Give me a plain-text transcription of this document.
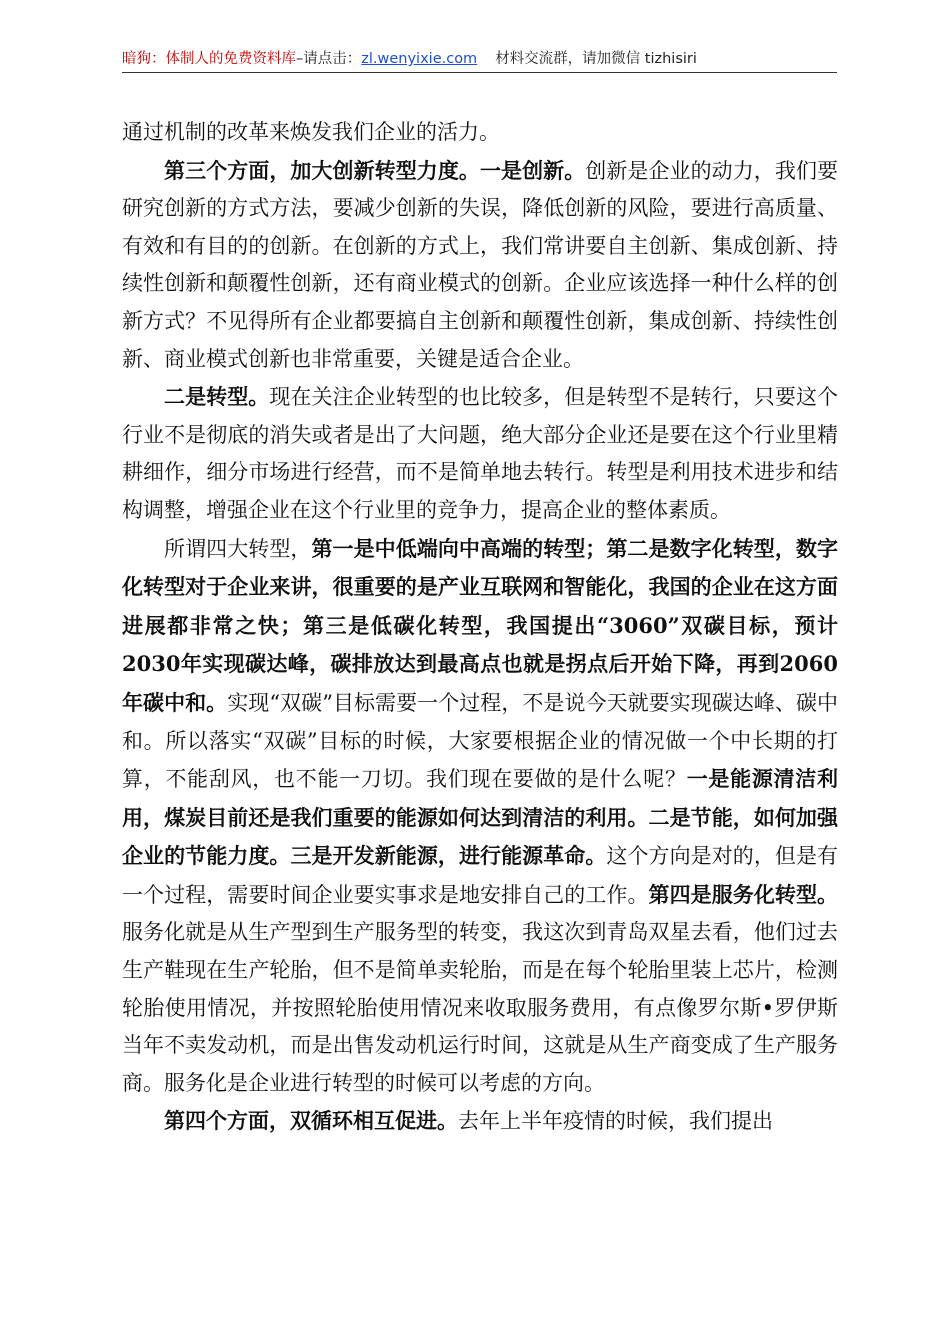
暗狗：体制人的免费资料库–请点击：zl.wenyixie.com 材料交流群，请加微信 tizhisiri

通过机制的改革来焕发我们企业的活力。

第三个方面，加大创新转型力度。一是创新。创新是企业的动力，我们要研究创新的方式方法，要减少创新的失误，降低创新的风险，要进行高质量、有效和有目的的创新。在创新的方式上，我们常讲要自主创新、集成创新、持续性创新和颠覆性创新，还有商业模式的创新。企业应该选择一种什么样的创新方式？不见得所有企业都要搞自主创新和颠覆性创新，集成创新、持续性创新、商业模式创新也非常重要，关键是适合企业。

二是转型。现在关注企业转型的也比较多，但是转型不是转行，只要这个行业不是彻底的消失或者是出了大问题，绝大部分企业还是要在这个行业里精耕细作，细分市场进行经营，而不是简单地去转行。转型是利用技术进步和结构调整，增强企业在这个行业里的竞争力，提高企业的整体素质。

所谓四大转型，第一是中低端向中高端的转型；第二是数字化转型，数字化转型对于企业来讲，很重要的是产业互联网和智能化，我国的企业在这方面进展都非常之快；第三是低碳化转型，我国提出“3060”双碳目标，预计2030年实现碳达峰，碳排放达到最高点也就是拐点后开始下降，再到2060年碳中和。实现“双碳”目标需要一个过程，不是说今天就要实现碳达峰、碳中和。所以落实“双碳”目标的时候，大家要根据企业的情况做一个中长期的打算，不能刮风，也不能一刀切。我们现在要做的是什么呢？一是能源清洁利用，煤炭目前还是我们重要的能源如何达到清洁的利用。二是节能，如何加强企业的节能力度。三是开发新能源，进行能源革命。这个方向是对的，但是有一个过程，需要时间企业要实事求是地安排自己的工作。第四是服务化转型。服务化就是从生产型到生产服务型的转变，我这次到青岛双星去看，他们过去生产鞋现在生产轮胎，但不是简单卖轮胎，而是在每个轮胎里装上芯片，检测轮胎使用情况，并按照轮胎使用情况来收取服务费用，有点像罗尔斯•罗伊斯当年不卖发动机，而是出售发动机运行时间，这就是从生产商变成了生产服务商。服务化是企业进行转型的时候可以考虑的方向。

第四个方面，双循环相互促进。去年上半年疫情的时候，我们提出
